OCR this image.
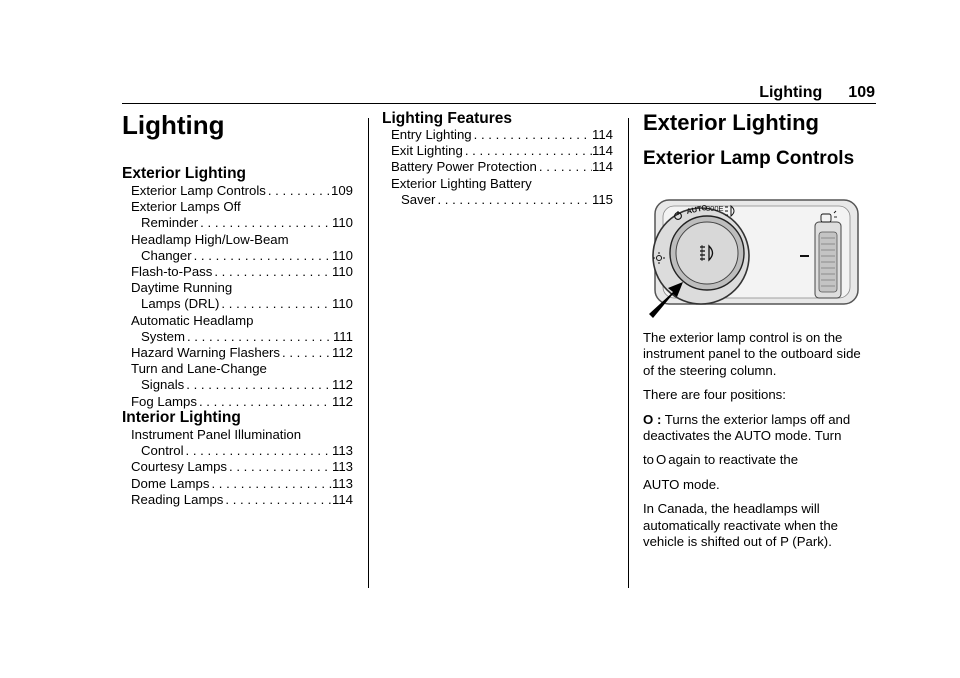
Lighting 109
Lighting
Exterior Lighting
Exterior Lamp Controls . . .	109
Exterior Lamps Off
Reminder . . .	110
Headlamp High/Low-Beam
Changer . . .	110
Flash-to-Pass . . .	110
Daytime Running
Lamps (DRL) . . .	110
Automatic Headlamp
System . . .	111
Hazard Warning Flashers . . .	112
Turn and Lane-Change
Signals . . .	112
Fog Lamps . . .	112
Interior Lighting
Instrument Panel Illumination
Control . . .	113
Courtesy Lamps . . .	113
Dome Lamps . . .	113
Reading Lamps . . .	114
Lighting Features
Entry Lighting . . .	114
Exit Lighting . . .	114
Battery Power Protection . . .	114
Exterior Lighting Battery
Saver . . .	115
Exterior Lighting
Exterior Lamp Controls
AUTO
300E

The exterior lamp control is on the instrument panel to the outboard side of the steering column.

There are four positions:

O : Turns the exterior lamps off and deactivates the AUTO mode. Turn

to O again to reactivate the

AUTO mode.

In Canada, the headlamps will automatically reactivate when the vehicle is shifted out of P (Park).
